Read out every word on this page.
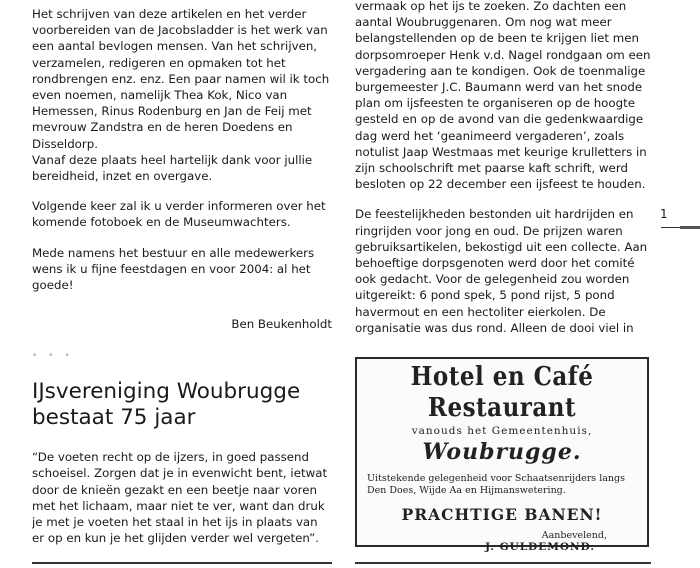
Het schrijven van deze artikelen en het verder voorbereiden van de Jacobsladder is het werk van een aantal bevlogen mensen. Van het schrijven, verzamelen, redigeren en opmaken tot het rondbrengen enz. enz. Een paar namen wil ik toch even noemen, namelijk Thea Kok, Nico van Hemessen, Rinus Rodenburg en Jan de Feij met mevrouw Zandstra en de heren Doedens en Disseldorp.

Vanaf deze plaats heel hartelijk dank voor jullie bereidheid, inzet en overgave.

Volgende keer zal ik u verder informeren over het komende fotoboek en de Museumwachters.

Mede namens het bestuur en alle medewerkers wens ik u fijne feestdagen en voor 2004: al het goede!

Ben Beukenholdt
• • •
IJsvereniging Woubrugge bestaat 75 jaar

“De voeten recht op de ijzers, in goed passend schoeisel. Zorgen dat je in evenwicht bent, ietwat door de knieën gezakt en een beetje naar voren met het lichaam, maar niet te ver, want dan druk je met je voeten het staal in het ijs in plaats van er op en kun je het glijden verder wel vergeten”.

vermaak op het ijs te zoeken. Zo dachten een aantal Woubruggenaren. Om nog wat meer belangstellenden op de been te krijgen liet men dorpsomroeper Henk v.d. Nagel rondgaan om een vergadering aan te kondigen. Ook de toenmalige burgemeester J.C. Baumann werd van het snode plan om ijsfeesten te organiseren op de hoogte gesteld en op de avond van die gedenkwaardige dag werd het ‘geanimeerd vergaderen’, zoals notulist Jaap Westmaas met keurige krulletters in zijn schoolschrift met paarse kaft schrift, werd besloten op 22 december een ijsfeest te houden.

De feestelijkheden bestonden uit hardrijden en ringrijden voor jong en oud. De prijzen waren gebruiksartikelen, bekostigd uit een collecte. Aan behoeftige dorpsgenoten werd door het comité ook gedacht. Voor de gelegenheid zou worden uitgereikt: 6 pond spek, 5 pond rijst, 5 pond havermout en een hectoliter eierkolen. De organisatie was dus rond. Alleen de dooi viel in

1
Hotel en Café Restaurant
vanouds het Gemeentenhuis,
Woubrugge.
Uitstekende gelegenheid voor Schaatsenrijders langs Den Does, Wijde Aa en Hijmanswetering.
PRACHTIGE BANEN!
Aanbevelend,
J. GULDEMOND.
